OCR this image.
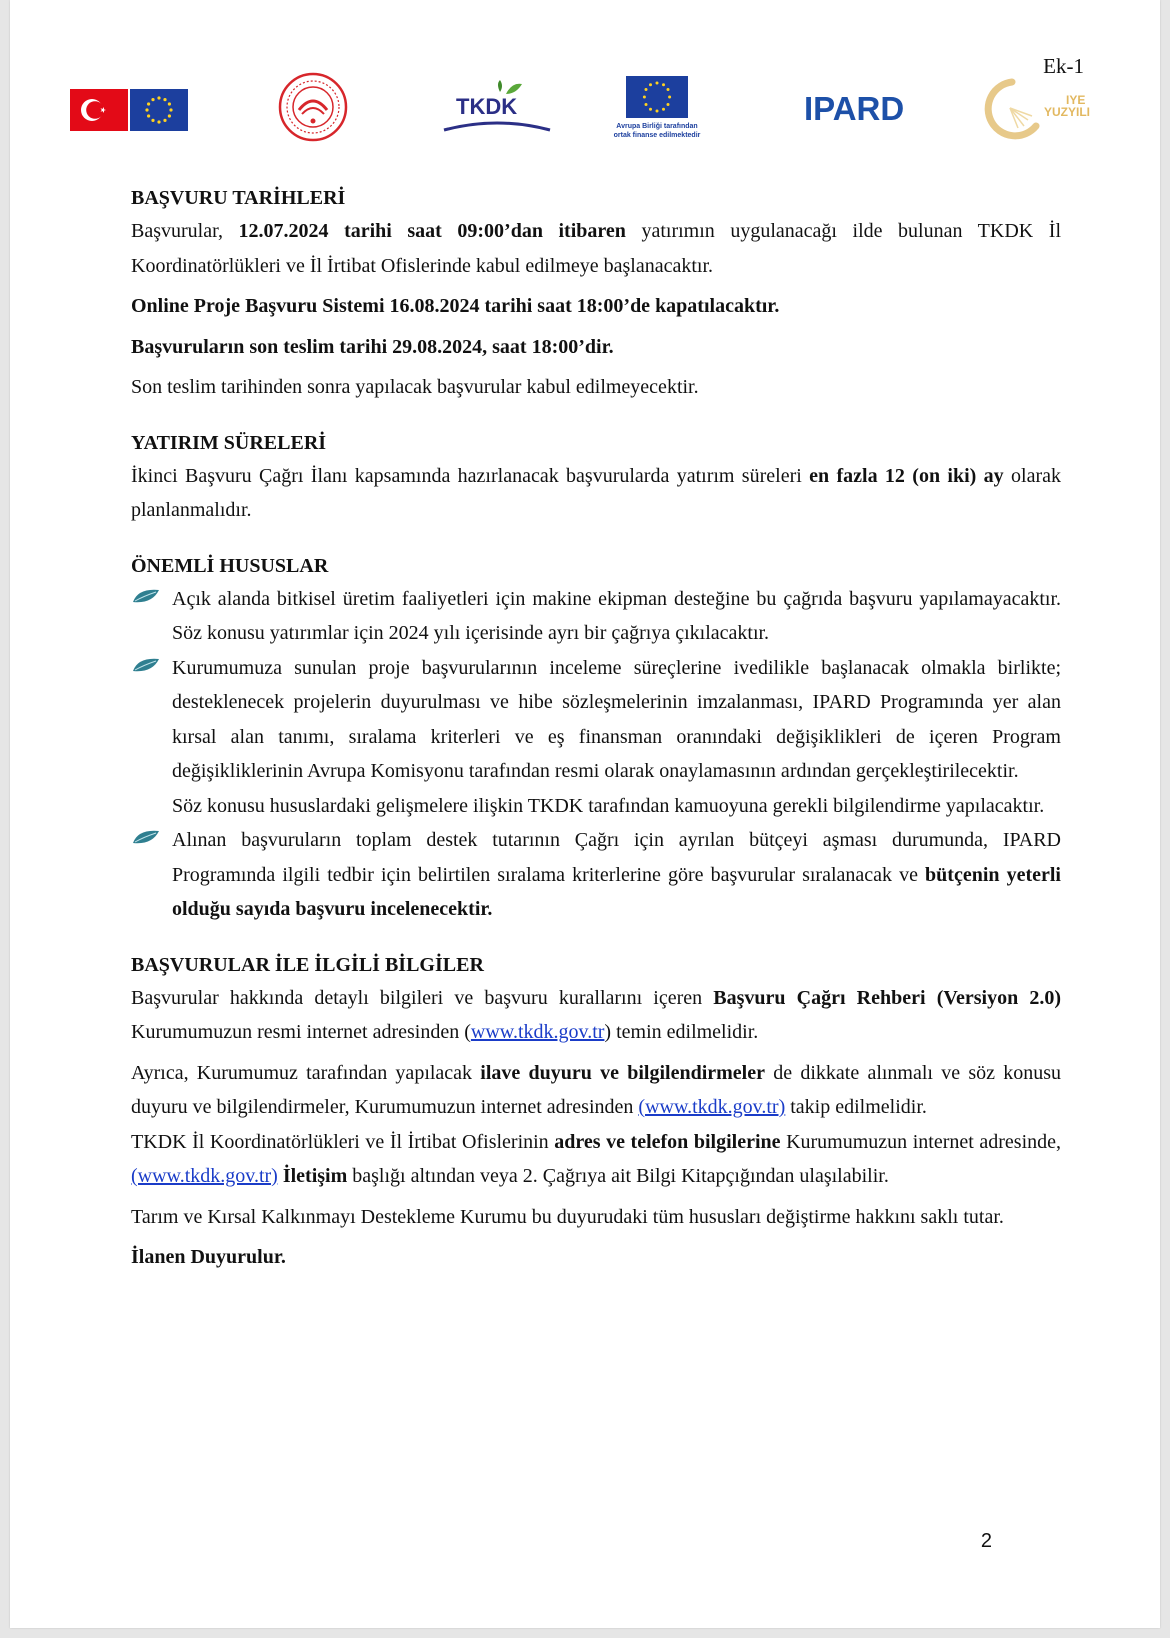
Ek-1
TKDK
Avrupa Birliği tarafından
ortak finanse edilmektedir
IPARD	IYE
YUZYILI
BAŞVURU TARİHLERİ

Başvurular, 12.07.2024 tarihi saat 09:00’dan itibaren yatırımın uygulanacağı ilde bulunan TKDK İl Koordinatörlükleri ve İl İrtibat Ofislerinde kabul edilmeye başlanacaktır.

Online Proje Başvuru Sistemi 16.08.2024 tarihi saat 18:00’de kapatılacaktır.

Başvuruların son teslim tarihi 29.08.2024, saat 18:00’dir.

Son teslim tarihinden sonra yapılacak başvurular kabul edilmeyecektir.

YATIRIM SÜRELERİ

İkinci Başvuru Çağrı İlanı kapsamında hazırlanacak başvurularda yatırım süreleri en fazla 12 (on iki) ay olarak planlanmalıdır.

ÖNEMLİ HUSUSLAR
Açık alanda bitkisel üretim faaliyetleri için makine ekipman desteğine bu çağrıda başvuru yapılamayacaktır. Söz konusu yatırımlar için 2024 yılı içerisinde ayrı bir çağrıya çıkılacaktır.
Kurumumuza sunulan proje başvurularının inceleme süreçlerine ivedilikle başlanacak olmakla birlikte; desteklenecek projelerin duyurulması ve hibe sözleşmelerinin imzalanması, IPARD Programında yer alan kırsal alan tanımı, sıralama kriterleri ve eş finansman oranındaki değişiklikleri de içeren Program değişikliklerinin Avrupa Komisyonu tarafından resmi olarak onaylamasının ardından gerçekleştirilecektir.
Söz konusu hususlardaki gelişmelere ilişkin TKDK tarafından kamuoyuna gerekli bilgilendirme yapılacaktır.
Alınan başvuruların toplam destek tutarının Çağrı için ayrılan bütçeyi aşması durumunda, IPARD Programında ilgili tedbir için belirtilen sıralama kriterlerine göre başvurular sıralanacak ve bütçenin yeterli olduğu sayıda başvuru incelenecektir.
BAŞVURULAR İLE İLGİLİ BİLGİLER

Başvurular hakkında detaylı bilgileri ve başvuru kurallarını içeren Başvuru Çağrı Rehberi (Versiyon 2.0) Kurumumuzun resmi internet adresinden (www.tkdk.gov.tr) temin edilmelidir.

Ayrıca, Kurumumuz tarafından yapılacak ilave duyuru ve bilgilendirmeler de dikkate alınmalı ve söz konusu duyuru ve bilgilendirmeler, Kurumumuzun internet adresinden (www.tkdk.gov.tr) takip edilmelidir.

TKDK İl Koordinatörlükleri ve İl İrtibat Ofislerinin adres ve telefon bilgilerine Kurumumuzun internet adresinde, (www.tkdk.gov.tr) İletişim başlığı altından veya 2. Çağrıya ait Bilgi Kitapçığından ulaşılabilir.

Tarım ve Kırsal Kalkınmayı Destekleme Kurumu bu duyurudaki tüm hususları değiştirme hakkını saklı tutar.

İlanen Duyurulur.

2
